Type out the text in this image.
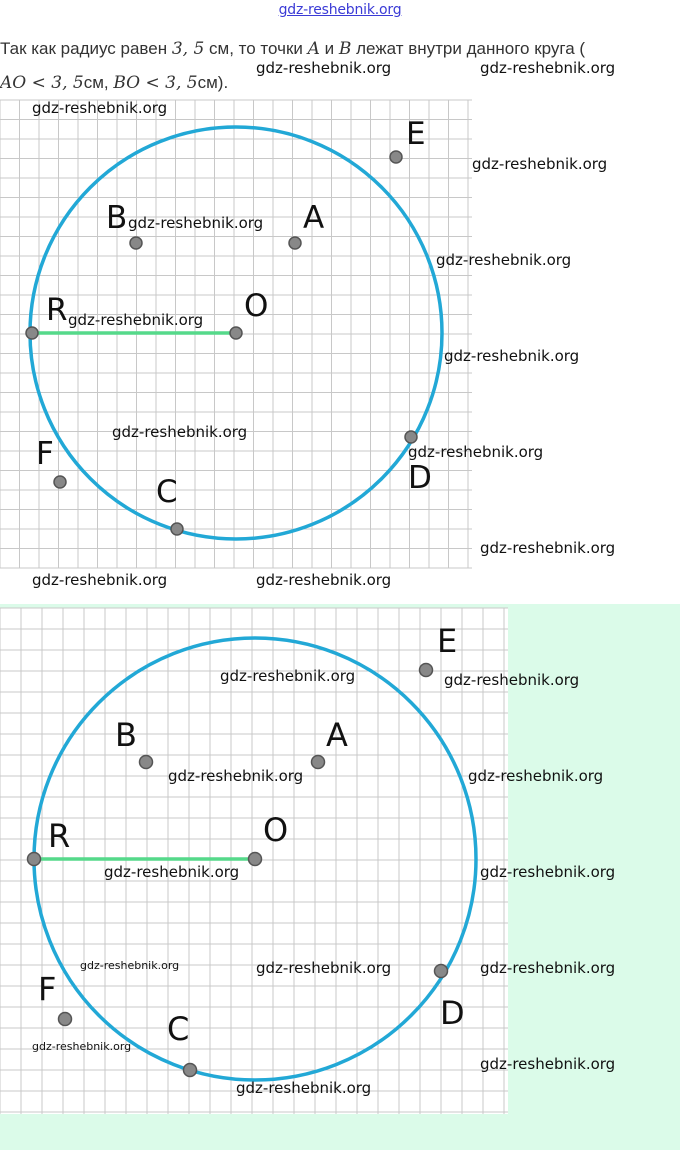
gdz-reshebnik.org
Так как радиус равен 3, 5 см, то точки A и B лежат внутри данного круга (
AO < 3, 5см, BO < 3, 5см).
E
B	A
R	O
F
D
C
E
B	A
R	O
F
D
C
gdz-reshebnik.org	gdz-reshebnik.org
gdz-reshebnik.org
gdz-reshebnik.org
gdz-reshebnik.org
gdz-reshebnik.org
gdz-reshebnik.org
gdz-reshebnik.org
gdz-reshebnik.org
gdz-reshebnik.org
gdz-reshebnik.org
gdz-reshebnik.org	gdz-reshebnik.org
gdz-reshebnik.org	gdz-reshebnik.org
gdz-reshebnik.org	gdz-reshebnik.org
gdz-reshebnik.org	gdz-reshebnik.org
gdz-reshebnik.org	gdz-reshebnik.org	gdz-reshebnik.org
gdz-reshebnik.org
gdz-reshebnik.org
gdz-reshebnik.org
